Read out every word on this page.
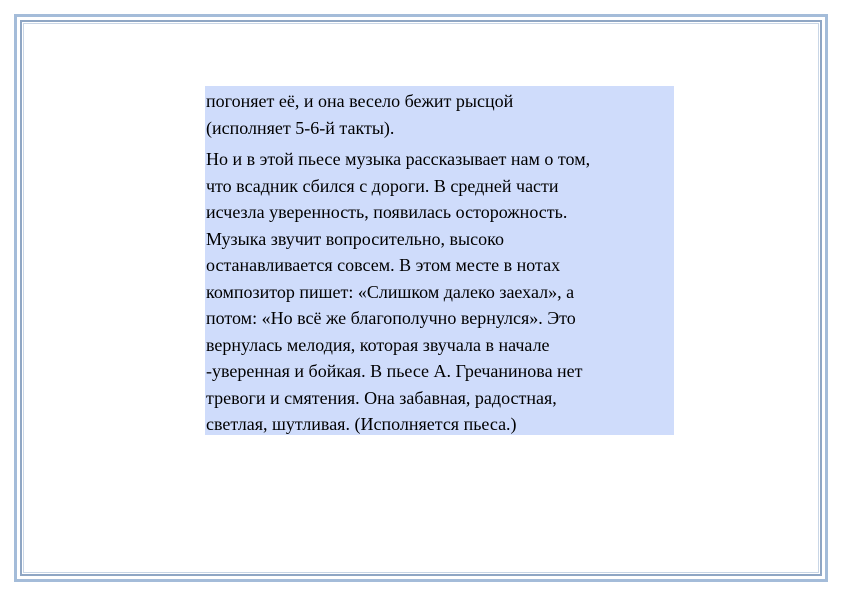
погоняет её, и она весело бежит рысцой
(исполняет 5-6-й такты).

Но и в этой пьесе музыка рассказывает нам о том,
что всадник сбился с дороги. В средней части
исчезла уверенность, появилась осторожность.
Музыка звучит вопросительно, высоко
останавливается совсем. В этом месте в нотах
композитор пишет: «Слишком далеко заехал», а
потом: «Но всё же благополучно вернулся». Это
вернулась мелодия, которая звучала в начале
-уверенная и бойкая. В пьесе А. Гречанинова нет
тревоги и смятения. Она забавная, радостная,
светлая, шутливая. (Исполняется пьеса.)
